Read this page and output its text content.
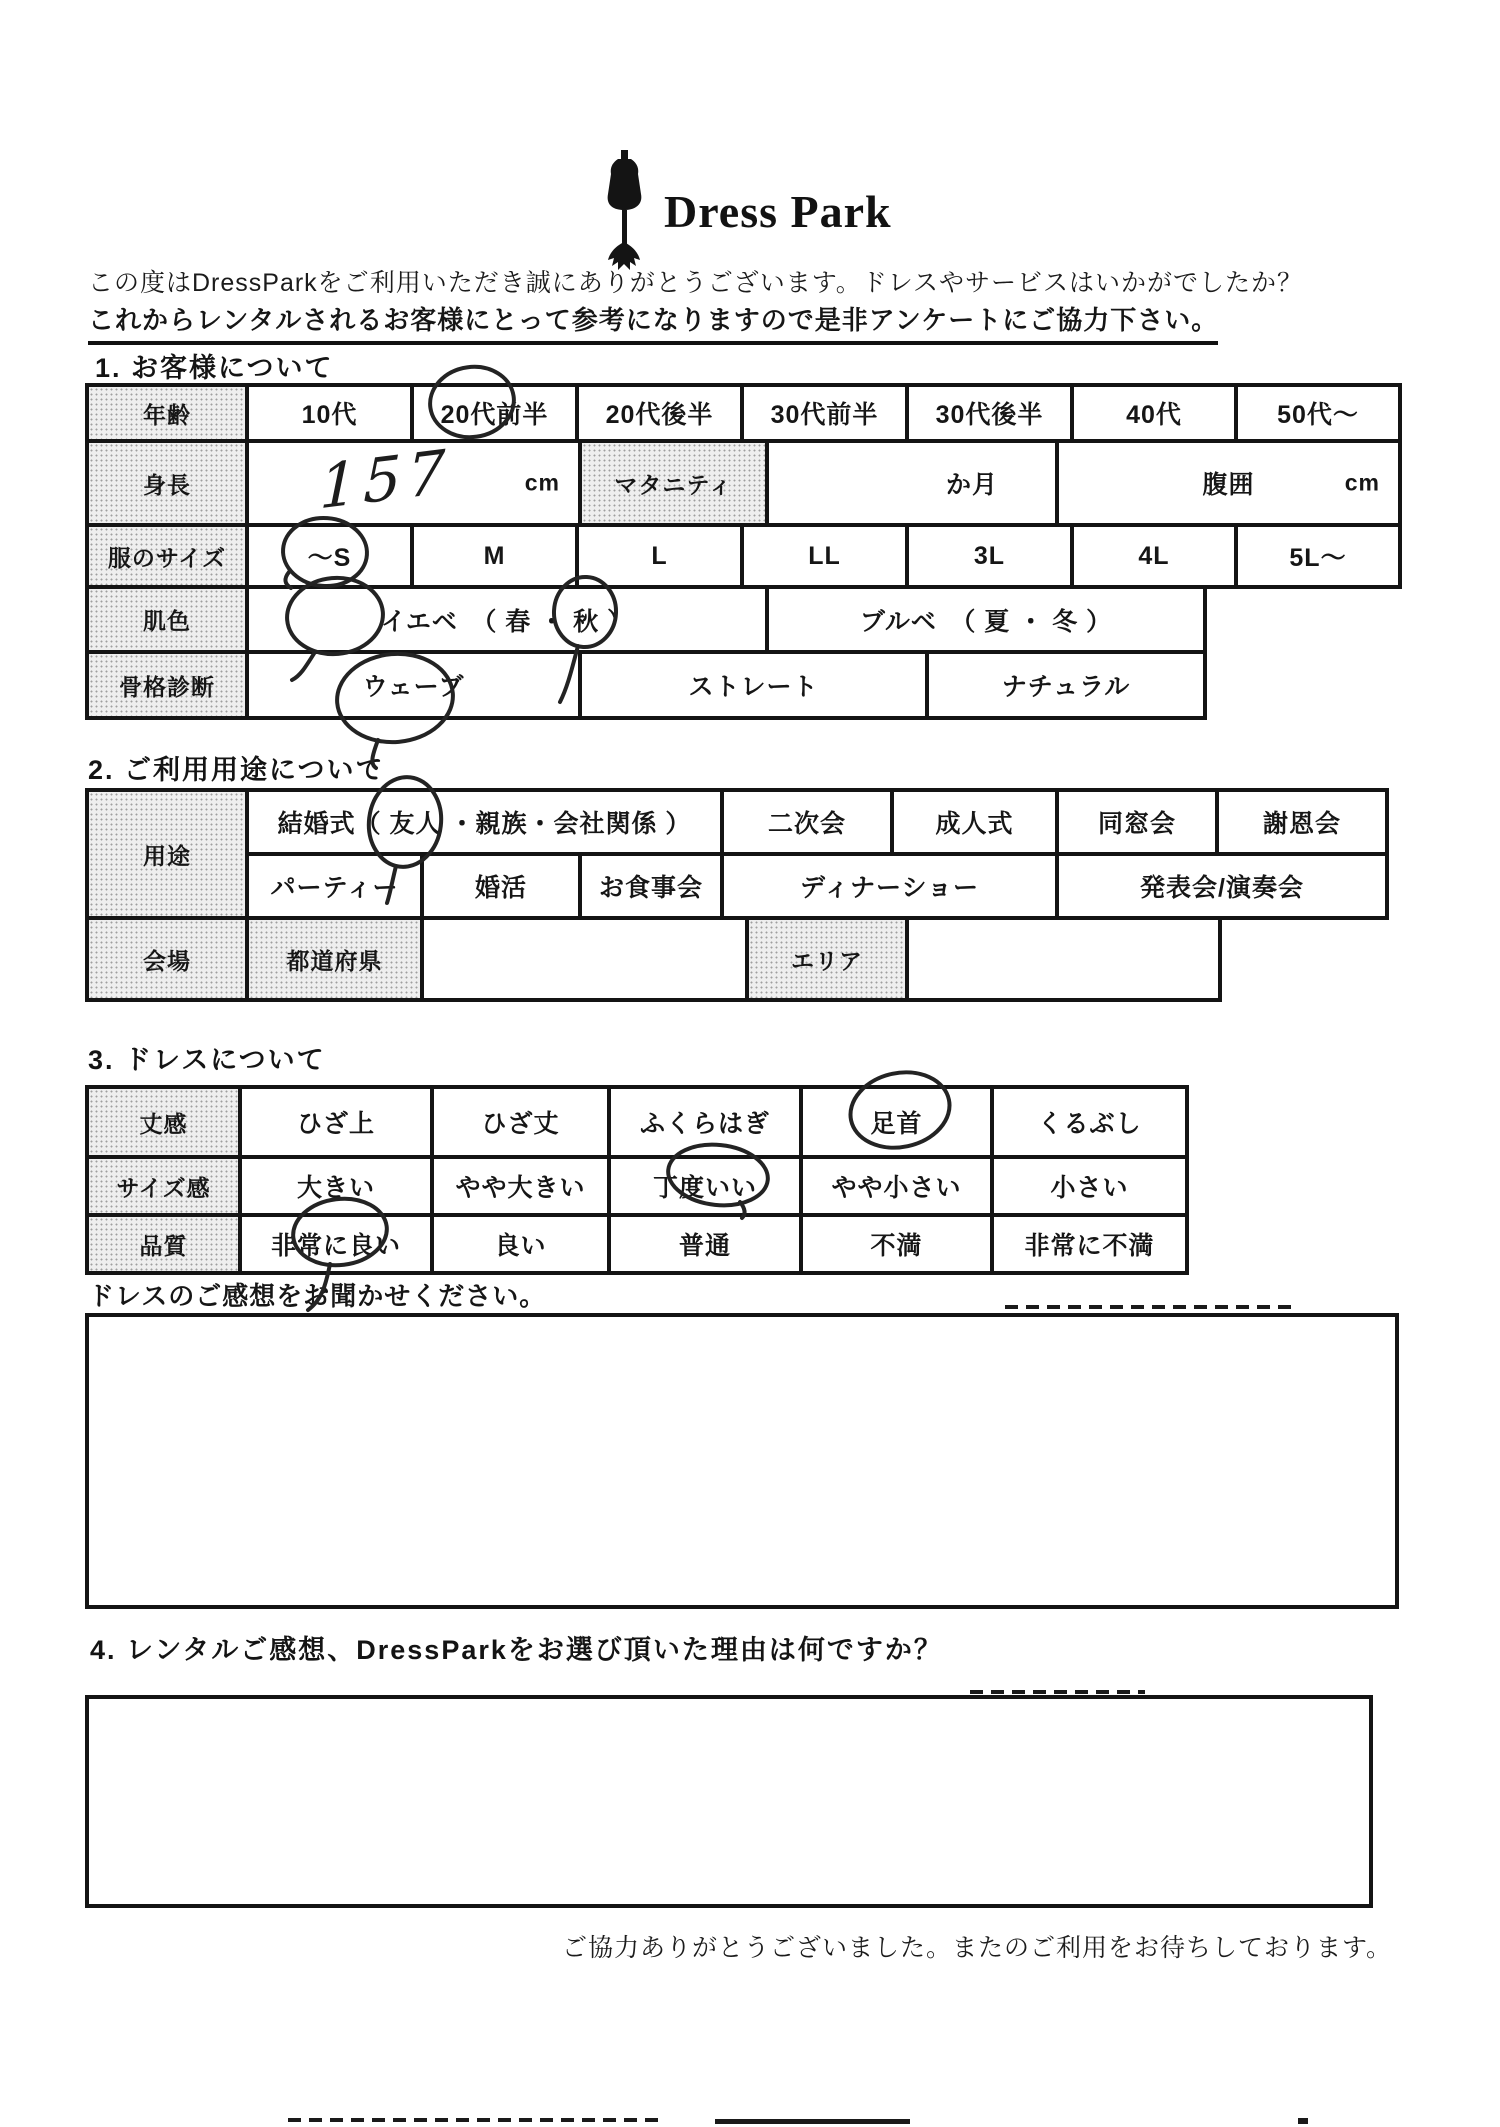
Dress Park
この度はDressParkをご利用いただき誠にありがとうございます。ドレスやサービスはいかがでしたか？
これからレンタルされるお客様にとって参考になりますので是非アンケートにご協力下さい。
1. お客様について
年齢	10代	20代前半	20代後半	30代前半	30代後半	40代	50代～
身長	157	cm	マタニティ	か月	腹囲	cm
服のサイズ	～S	M	L	LL	3L	4L	5L～
肌色	イエベ　（ 春 ・ 秋 ）	ブルベ　（ 夏 ・ 冬 ）
骨格診断	ウェーブ	ストレート	ナチュラル
2. ご利用用途について
用途
結婚式（ 友人 ・親族・会社関係 ）	二次会	成人式	同窓会	謝恩会
パーティー	婚活	お食事会	ディナーショー	発表会/演奏会
会場	都道府県	エリア
3. ドレスについて
丈感	ひざ上	ひざ丈	ふくらはぎ	足首	くるぶし
サイズ感	大きい	やや大きい	丁度いい	やや小さい	小さい
品質	非常に良い	良い	普通	不満	非常に不満
ドレスのご感想をお聞かせください。
4. レンタルご感想、DressParkをお選び頂いた理由は何ですか？
ご協力ありがとうございました。またのご利用をお待ちしております。
